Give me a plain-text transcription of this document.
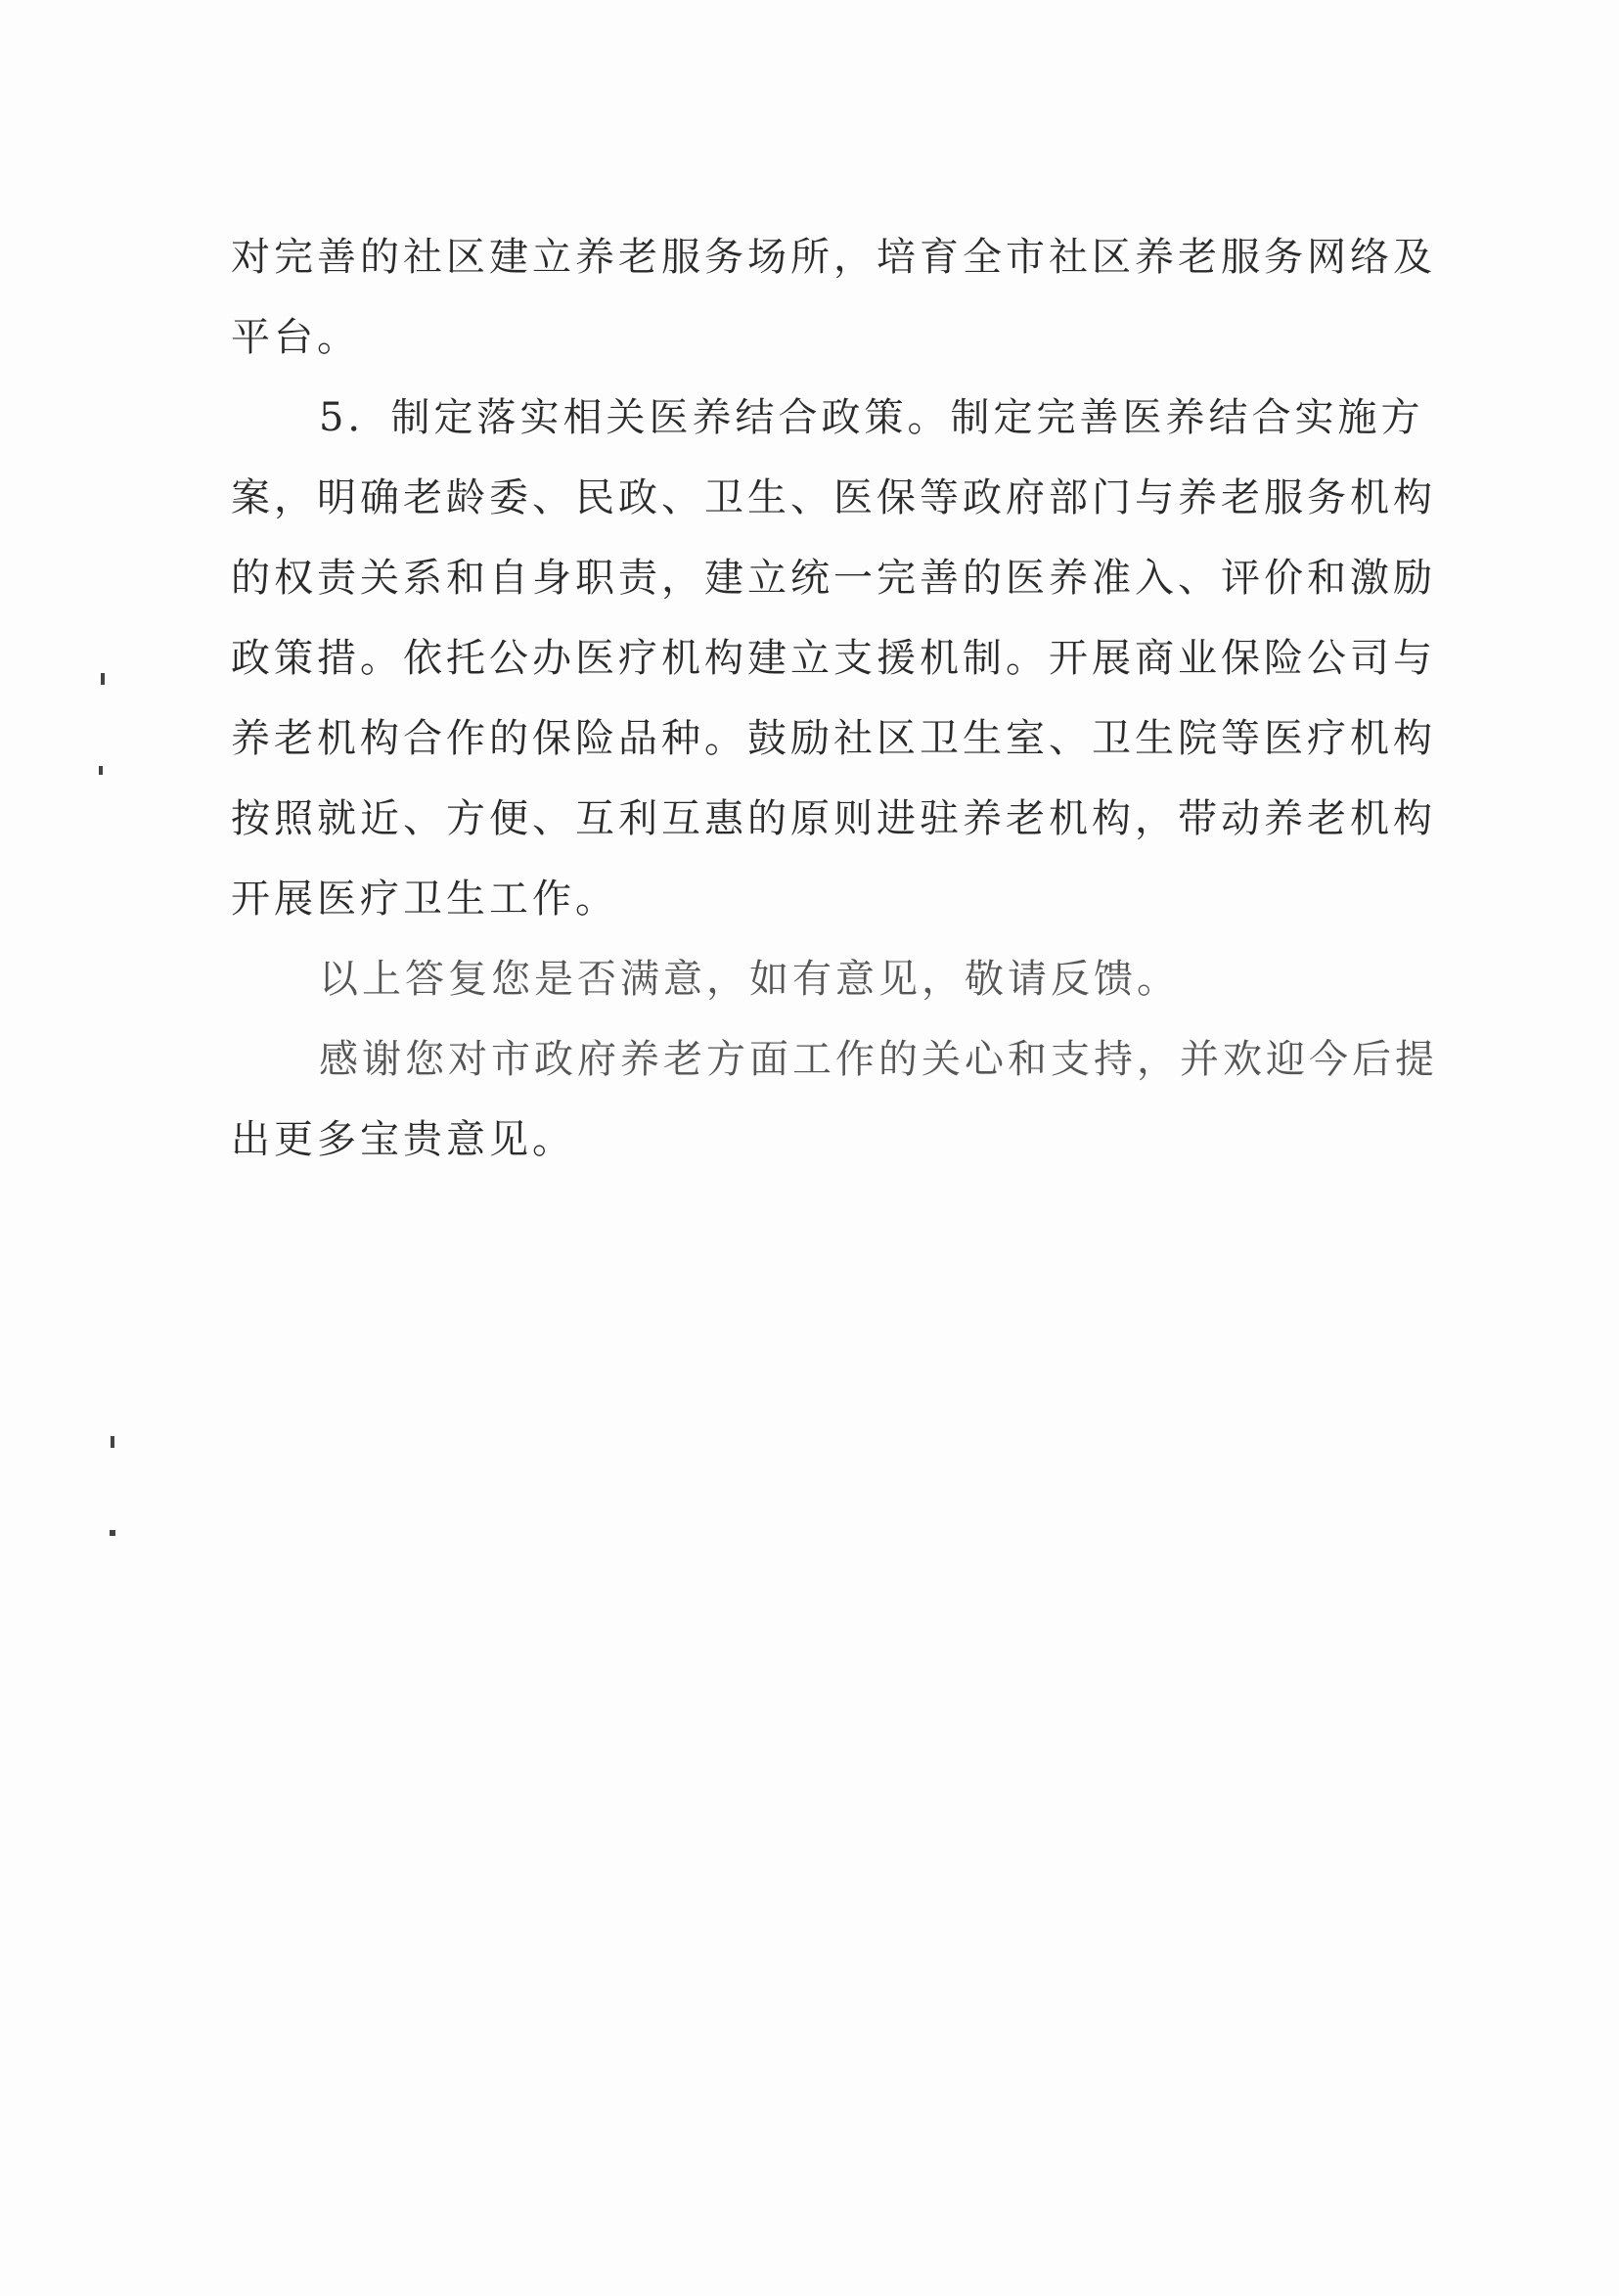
对完善的社区建立养老服务场所，培育全市社区养老服务网络及
平台。
5．制定落实相关医养结合政策。制定完善医养结合实施方
案，明确老龄委、民政、卫生、医保等政府部门与养老服务机构
的权责关系和自身职责，建立统一完善的医养准入、评价和激励
政策措。依托公办医疗机构建立支援机制。开展商业保险公司与
养老机构合作的保险品种。鼓励社区卫生室、卫生院等医疗机构
按照就近、方便、互利互惠的原则进驻养老机构，带动养老机构
开展医疗卫生工作。
以上答复您是否满意，如有意见，敬请反馈。
感谢您对市政府养老方面工作的关心和支持，并欢迎今后提
出更多宝贵意见。
